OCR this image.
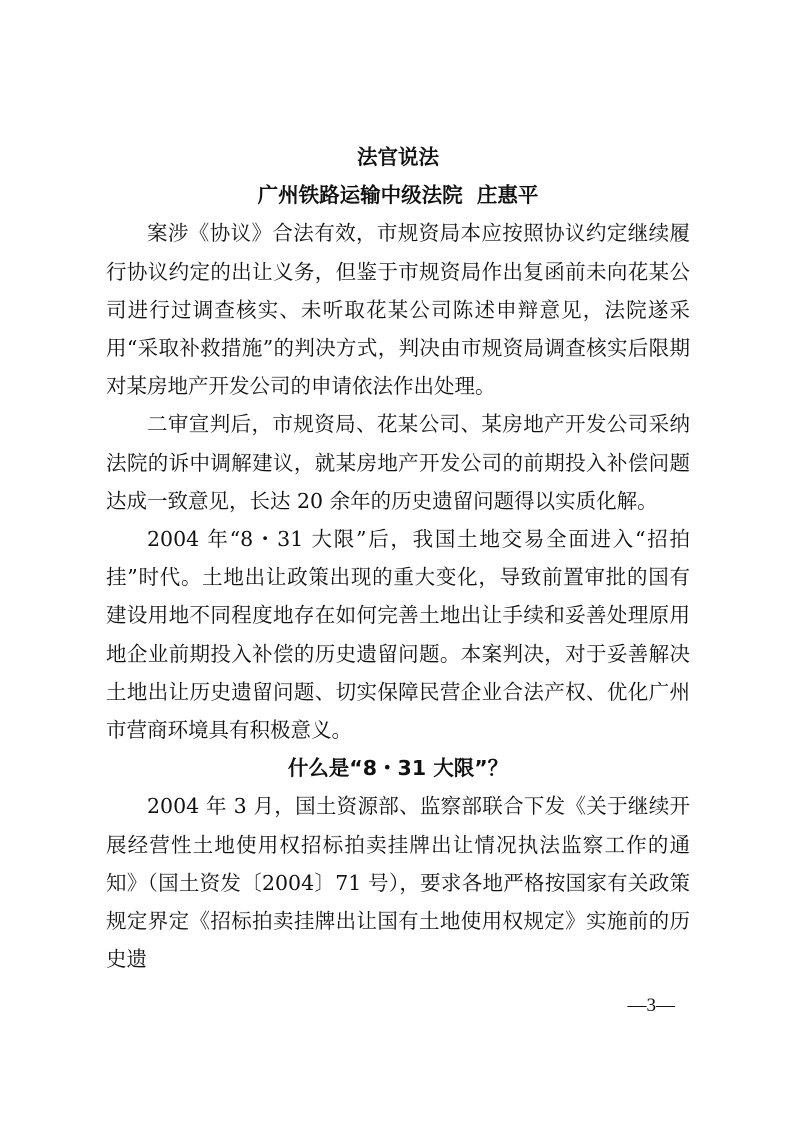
法官说法

广州铁路运输中级法院  庄惠平

案涉《协议》合法有效，市规资局本应按照协议约定继续履行协议约定的出让义务，但鉴于市规资局作出复函前未向花某公司进行过调查核实、未听取花某公司陈述申辩意见，法院遂采用“采取补救措施”的判决方式，判决由市规资局调查核实后限期对某房地产开发公司的申请依法作出处理。

二审宣判后，市规资局、花某公司、某房地产开发公司采纳法院的诉中调解建议，就某房地产开发公司的前期投入补偿问题达成一致意见，长达 20 余年的历史遗留问题得以实质化解。

2004 年“8・31 大限”后，我国土地交易全面进入“招拍挂”时代。土地出让政策出现的重大变化，导致前置审批的国有建设用地不同程度地存在如何完善土地出让手续和妥善处理原用地企业前期投入补偿的历史遗留问题。本案判决，对于妥善解决土地出让历史遗留问题、切实保障民营企业合法产权、优化广州市营商环境具有积极意义。

什么是“8・31 大限”？

2004 年 3 月，国土资源部、监察部联合下发《关于继续开展经营性土地使用权招标拍卖挂牌出让情况执法监察工作的通知》（国土资发〔2004〕71 号），要求各地严格按国家有关政策规定界定《招标拍卖挂牌出让国有土地使用权规定》实施前的历史遗

—3—
